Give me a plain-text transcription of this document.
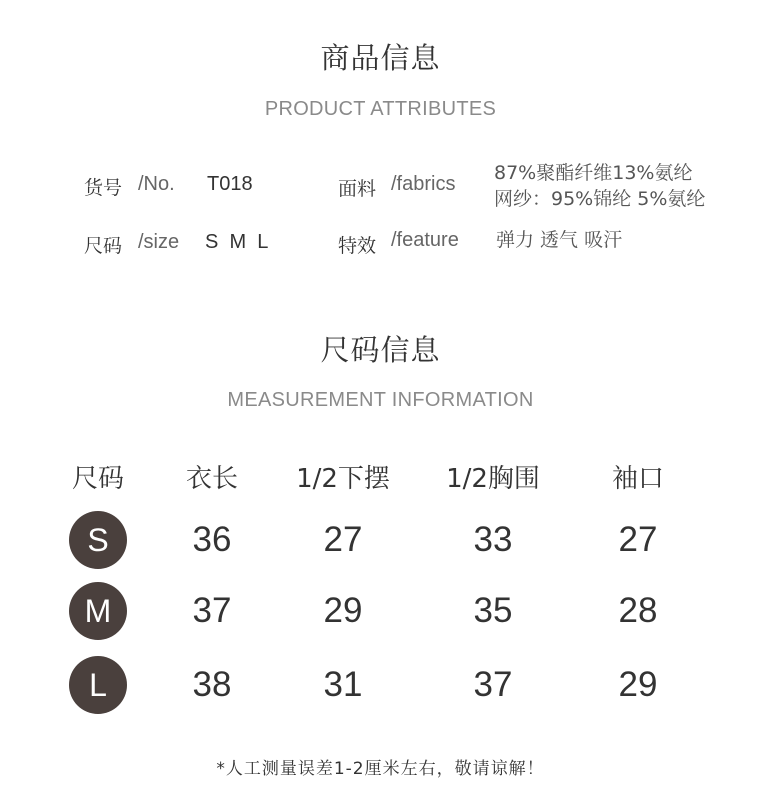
商品信息
PRODUCT ATTRIBUTES
货号 /No. T018
尺码 /size S  M  L
面料 /fabrics 87%聚酯纤维13%氨纶
网纱：95%锦纶 5%氨纶
特效 /feature 弹力 透气 吸汗
尺码信息
MEASUREMENT INFORMATION
尺码	衣长	1/2下摆	1/2胸围	袖口
S	36	27	33	27
M	37	29	35	28
L	38	31	37	29
*人工测量误差1-2厘米左右，敬请谅解！
